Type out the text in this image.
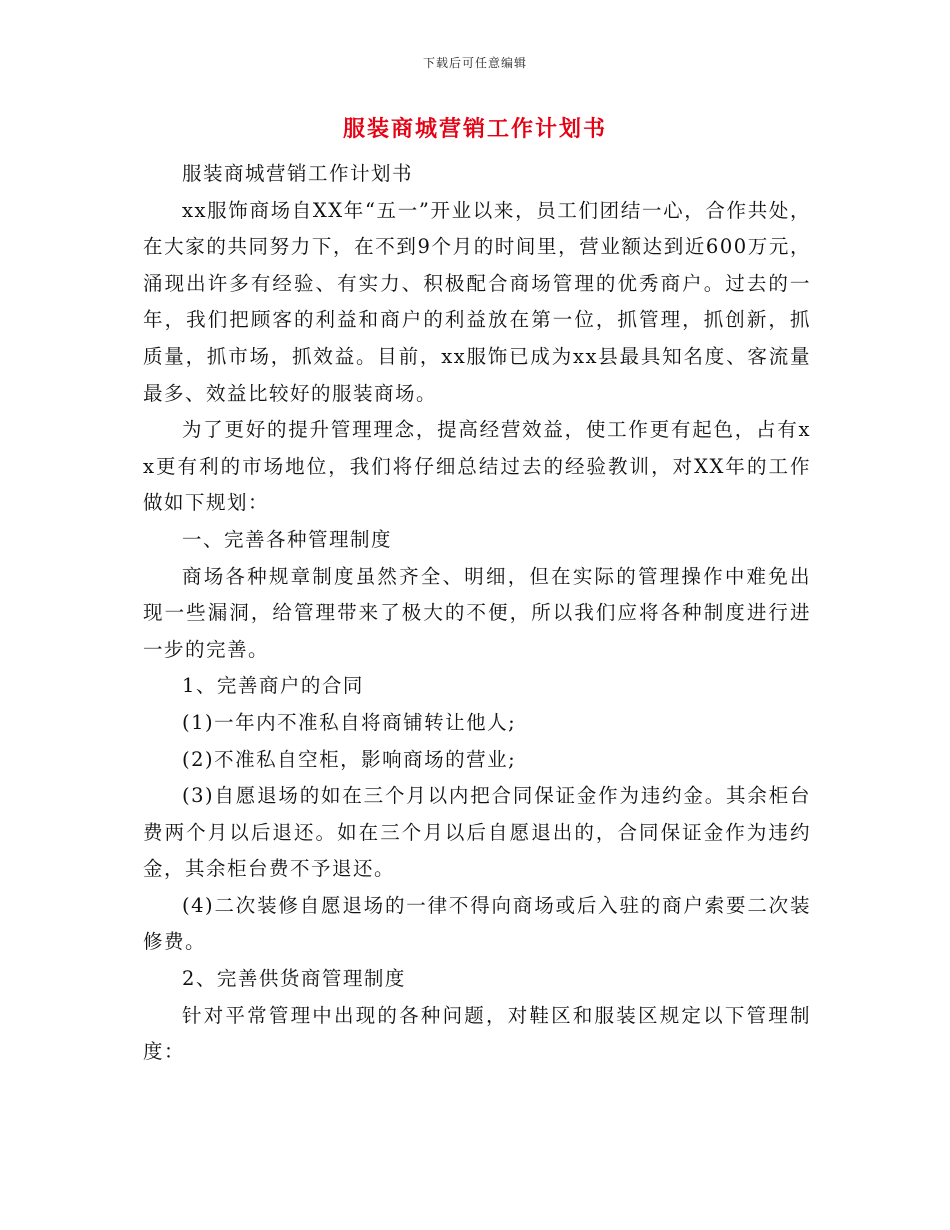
下载后可任意编辑
服装商城营销工作计划书

服装商城营销工作计划书

xx服饰商场自XX年“五一”开业以来，员工们团结一心，合作共处，在大家的共同努力下，在不到9个月的时间里，营业额达到近600万元，涌现出许多有经验、有实力、积极配合商场管理的优秀商户。过去的一年，我们把顾客的利益和商户的利益放在第一位，抓管理，抓创新，抓质量，抓市场，抓效益。目前，xx服饰已成为xx县最具知名度、客流量最多、效益比较好的服装商场。

为了更好的提升管理理念，提高经营效益，使工作更有起色，占有xx更有利的市场地位，我们将仔细总结过去的经验教训，对XX年的工作做如下规划：

一、完善各种管理制度

商场各种规章制度虽然齐全、明细，但在实际的管理操作中难免出现一些漏洞，给管理带来了极大的不便，所以我们应将各种制度进行进一步的完善。

1、完善商户的合同

(1)一年内不准私自将商铺转让他人;

(2)不准私自空柜，影响商场的营业;

(3)自愿退场的如在三个月以内把合同保证金作为违约金。其余柜台费两个月以后退还。如在三个月以后自愿退出的，合同保证金作为违约金，其余柜台费不予退还。

(4)二次装修自愿退场的一律不得向商场或后入驻的商户索要二次装修费。

2、完善供货商管理制度

针对平常管理中出现的各种问题，对鞋区和服装区规定以下管理制度：
